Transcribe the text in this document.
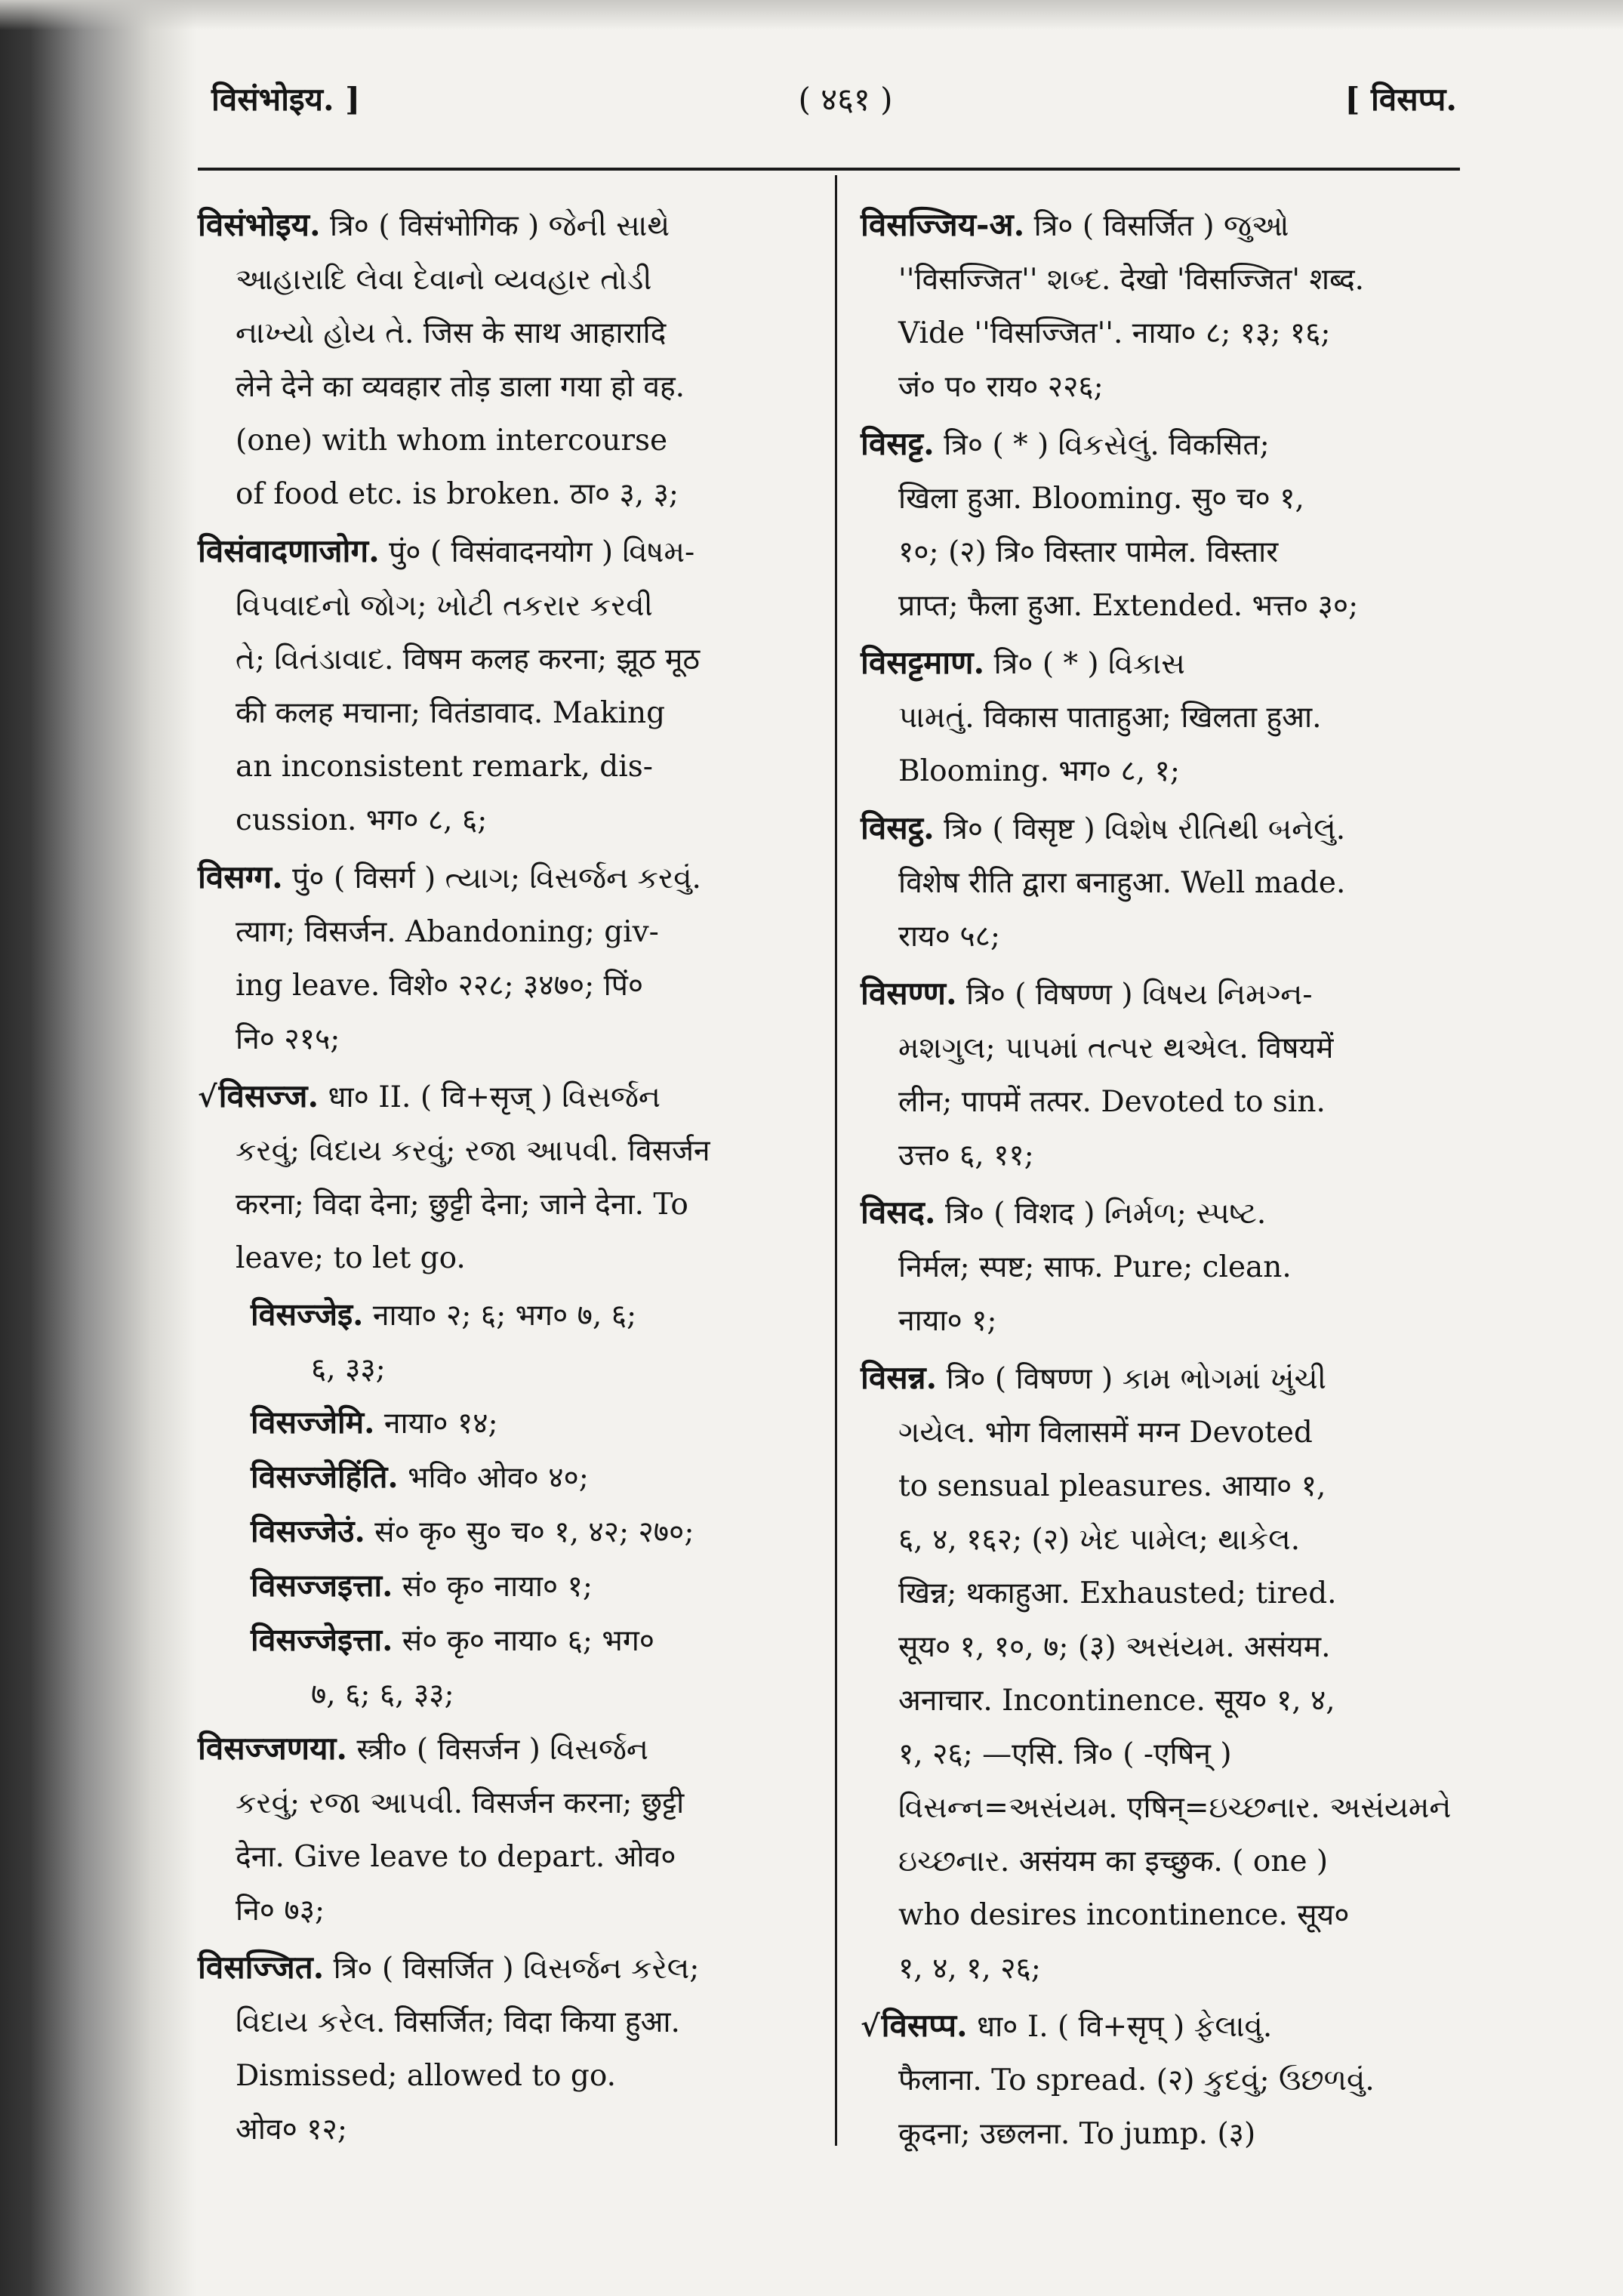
विसंभोइय. ]	( ४६१ )	[ विसप्प.
विसंभोइय. त्रि० ( विसंभोगिक ) જેની સાથે
આહારાદિ લેવા દેવાનો વ્યવહાર તોડી
નાખ્યો હોય તે. जिस के साथ आहारादि
लेने देने का व्यवहार तोड़ डाला गया हो वह.
(one) with whom intercourse
of food etc. is broken. ठा० ३, ३;
विसंवादणाजोग. पुं० ( विसंवादनयोग ) વિષમ-
વિપવાદનો જોગ; ખોટી તકરાર કરવી
તે; વિતંડાવાદ. विषम कलह करना; झूठ मूठ
की कलह मचाना; वितंडावाद. Making
an inconsistent remark, dis-
cussion. भग० ८, ६;
विसग्ग. पुं० ( विसर्ग ) ત્યાગ; વિસર્જન કરવું.
त्याग; विसर्जन. Abandoning; giv-
ing leave. विशे० २२८; ३४७०; पिं०
नि० २१५;
√विसज्ज. धा० II. ( वि+सृज् ) વિસર્જન
કરવું; વિદાય કરવું; રજા આપવી. विसर्जन
करना; विदा देना; छुट्टी देना; जाने देना. To
leave; to let go.
विसज्जेइ. नाया० २; ६; भग० ७, ६;
६, ३३;
विसज्जेमि. नाया० १४;
विसज्जेहिंति. भवि० ओव० ४०;
विसज्जेउं. सं० कृ० सु० च० १, ४२; २७०;
विसज्जइत्ता. सं० कृ० नाया० १;
विसज्जेइत्ता. सं० कृ० नाया० ६; भग०
७, ६; ६, ३३;
विसज्जणया. स्त्री० ( विसर्जन ) વિસર્જન
કરવું; રજા આપવી. विसर्जन करना; छुट्टी
देना. Give leave to depart. ओव०
नि० ७३;
विसज्जित. त्रि० ( विसर्जित ) વિસર્જન કરેલ;
વિદાય કરેલ. विसर्जित; विदा किया हुआ.
Dismissed; allowed to go.
ओव० १२;
विसज्जिय-अ. त्रि० ( विसर्जित ) જુઓ
''विसज्जित'' શબ્દ. देखो 'विसज्जित' शब्द.
Vide ''विसज्जित''. नाया० ८; १३; १६;
जं० प० राय० २२६;
विसट्ट. त्रि० ( * ) વિકસેલું. विकसित;
खिला हुआ. Blooming. सु० च० १,
१०; (२) त्रि० विस्तार पामेल. विस्तार
प्राप्त; फैला हुआ. Extended. भत्त० ३०;
विसट्टमाण. त्रि० ( * ) વિકાસ
પામતું. विकास पाताहुआ; खिलता हुआ.
Blooming. भग० ८, १;
विसट्ठ. त्रि० ( विसृष्ट ) વિશેષ રીતિથી બનેલું.
विशेष रीति द्वारा बनाहुआ. Well made.
राय० ५८;
विसण्ण. त्रि० ( विषण्ण ) વિષય નિમગ્ન-
મશગુલ; પાપમાં તત્પર થએલ. विषयमें
लीन; पापमें तत्पर. Devoted to sin.
उत्त० ६, ११;
विसद. त्रि० ( विशद ) નિર્મળ; સ્પષ્ટ.
निर्मल; स्पष्ट; साफ. Pure; clean.
नाया० १;
विसन्न. त्रि० ( विषण्ण ) કામ ભોગમાં ખુંચી
ગયેલ. भोग विलासमें मग्न Devoted
to sensual pleasures. आया० १,
६, ४, १६२; (२) ખેદ પામેલ; થાકેલ.
खिन्न; थकाहुआ. Exhausted; tired.
सूय० १, १०, ७; (३) અસંયમ. असंयम.
अनाचार. Incontinence. सूय० १, ४,
१, २६; —एसि. त्रि० ( -एषिन् )
વિસન્ન=અસંયમ. एषिन्=ઇચ્છનાર. અસંયમને
ઇચ્છનાર. असंयम का इच्छुक. ( one )
who desires incontinence. सूय०
१, ४, १, २६;
√विसप्प. धा० I. ( वि+सृप् ) ફેલાવું.
फैलाना. To spread. (२) કુદવું; ઉછળવું.
कूदना; उछलना. To jump. (३)
